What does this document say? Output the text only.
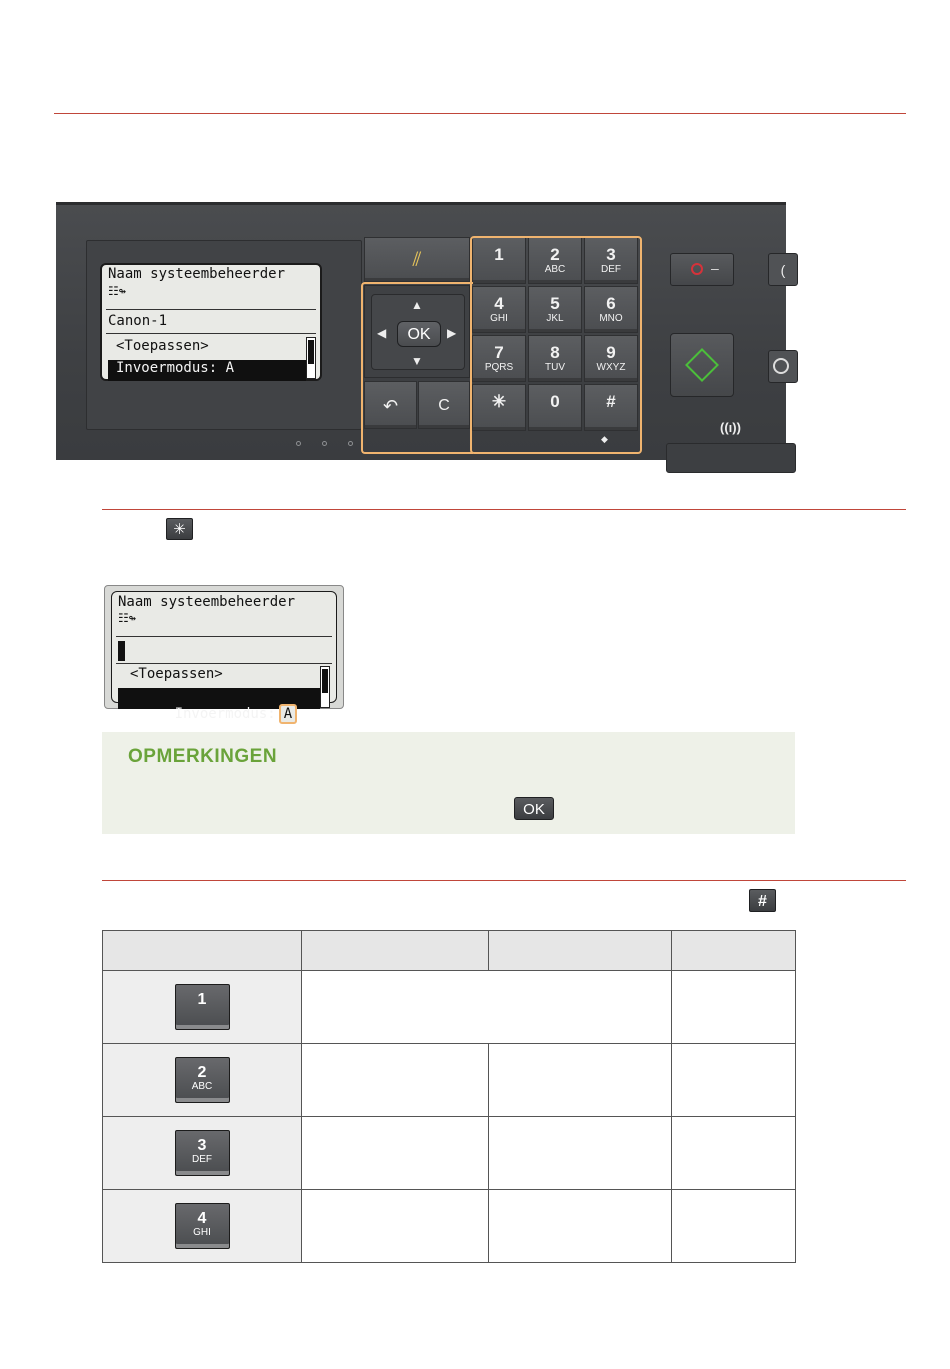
Naam systeembeheerder
☷↬
Canon-1
<Toepassen>
Invoermodus: A
⫽
▲
▼
◀	▶
OK
↶	C
1	2
ABC
3
DEF
4
GHI
5
JKL
6
MNO
7
PQRS
8
TUV
9
WXYZ
✳	0	#
◆
–	(
((ı))
✳
Naam systeembeheerder
☷↬
<Toepassen>

Invoermodus: A

OPMERKINGEN
OK
#

1			

2
ABC			

3
DEF			

4
GHI			
